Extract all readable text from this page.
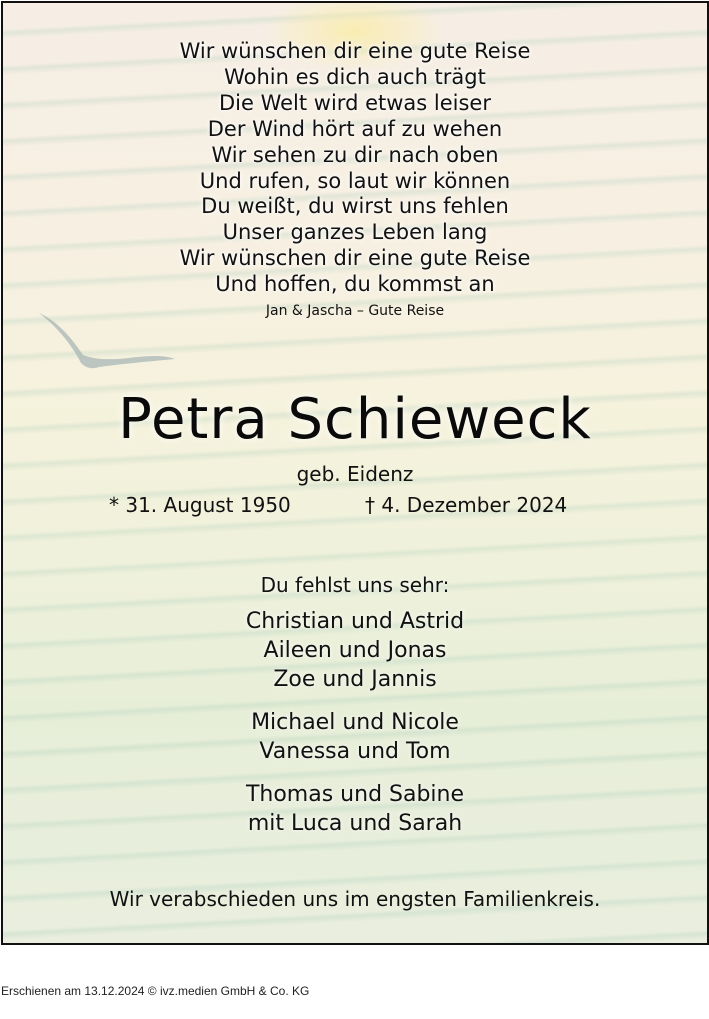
Wir wünschen dir eine gute Reise
Wohin es dich auch trägt
Die Welt wird etwas leiser
Der Wind hört auf zu wehen
Wir sehen zu dir nach oben
Und rufen, so laut wir können
Du weißt, du wirst uns fehlen
Unser ganzes Leben lang
Wir wünschen dir eine gute Reise
Und hoffen, du kommst an
Jan & Jascha – Gute Reise
Petra Schieweck
geb. Eidenz
* 31. August 1950	† 4. Dezember 2024
Du fehlst uns sehr:
Christian und Astrid
Aileen und Jonas
Zoe und Jannis
Michael und Nicole
Vanessa und Tom
Thomas und Sabine
mit Luca und Sarah
Wir verabschieden uns im engsten Familienkreis.
Erschienen am 13.12.2024 © ivz.medien GmbH & Co. KG
